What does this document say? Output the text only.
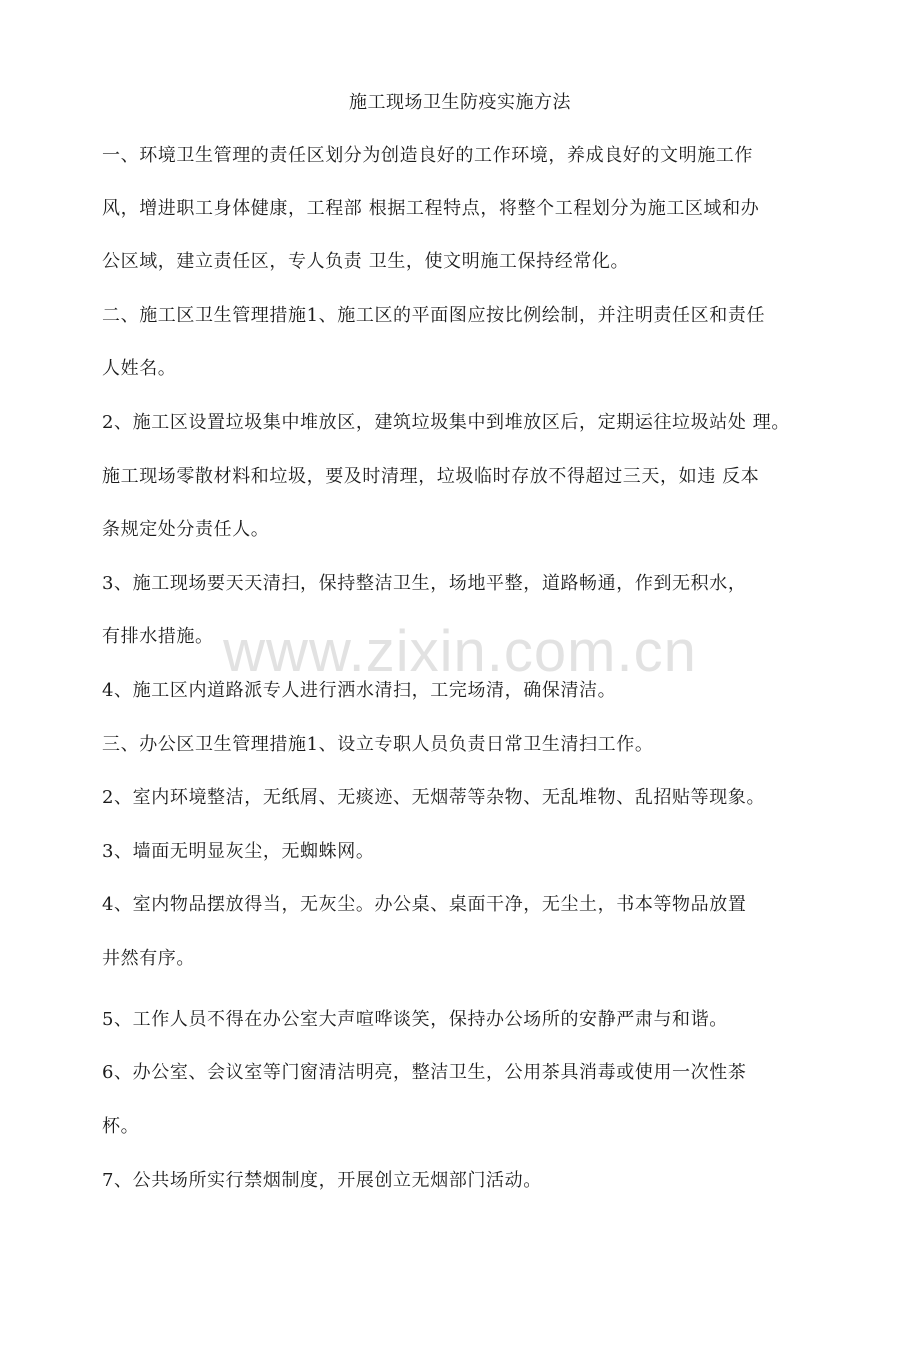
施工现场卫生防疫实施方法
一、环境卫生管理的责任区划分为创造良好的工作环境，养成良好的文明施工作
风，增进职工身体健康，工程部 根据工程特点，将整个工程划分为施工区域和办
公区域，建立责任区，专人负责 卫生，使文明施工保持经常化。
二、施工区卫生管理措施1、施工区的平面图应按比例绘制，并注明责任区和责任
人姓名。
2、施工区设置垃圾集中堆放区，建筑垃圾集中到堆放区后，定期运往垃圾站处 理。
施工现场零散材料和垃圾，要及时清理，垃圾临时存放不得超过三天，如违 反本
条规定处分责任人。
3、施工现场要天天清扫，保持整洁卫生，场地平整，道路畅通，作到无积水，
有排水措施。
4、施工区内道路派专人进行洒水清扫，工完场清，确保清洁。
三、办公区卫生管理措施1、设立专职人员负责日常卫生清扫工作。
2、室内环境整洁，无纸屑、无痰迹、无烟蒂等杂物、无乱堆物、乱招贴等现象。
3、墙面无明显灰尘，无蜘蛛网。
4、室内物品摆放得当，无灰尘。办公桌、桌面干净，无尘土，书本等物品放置
井然有序。
5、工作人员不得在办公室大声喧哗谈笑，保持办公场所的安静严肃与和谐。
6、办公室、会议室等门窗清洁明亮，整洁卫生，公用茶具消毒或使用一次性茶
杯。
7、公共场所实行禁烟制度，开展创立无烟部门活动。
www.zixin.com.cn
